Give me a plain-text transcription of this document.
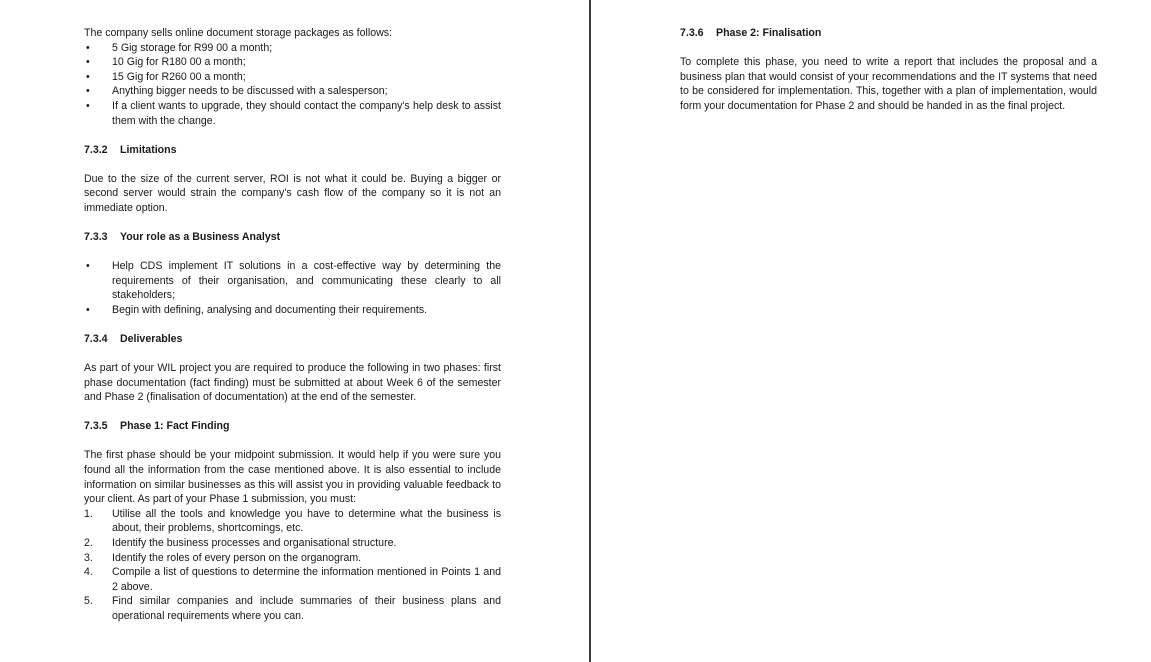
The company sells online document storage packages as follows:

•	5 Gig storage for R99 00 a month;
•	10 Gig for R180 00 a month;
•	15 Gig for R260 00 a month;
•	Anything bigger needs to be discussed with a salesperson;
•	If a client wants to upgrade, they should contact the company's help desk to assist them with the change.
7.3.2	Limitations

Due to the size of the current server, ROI is not what it could be. Buying a bigger or second server would strain the company's cash flow of the company so it is not an immediate option.

7.3.3	Your role as a Business Analyst
•	Help CDS implement IT solutions in a cost-effective way by determining the requirements of their organisation, and communicating these clearly to all stakeholders;
•	Begin with defining, analysing and documenting their requirements.
7.3.4	Deliverables

As part of your WIL project you are required to produce the following in two phases: first phase documentation (fact finding) must be submitted at about Week 6 of the semester and Phase 2 (finalisation of documentation) at the end of the semester.

7.3.5	Phase 1: Fact Finding

The first phase should be your midpoint submission. It would help if you were sure you found all the information from the case mentioned above. It is also essential to include information on similar businesses as this will assist you in providing valuable feedback to your client. As part of your Phase 1 submission, you must:

1.	Utilise all the tools and knowledge you have to determine what the business is about, their problems, shortcomings, etc.
2.	Identify the business processes and organisational structure.
3.	Identify the roles of every person on the organogram.
4.	Compile a list of questions to determine the information mentioned in Points 1 and 2 above.
5.	Find similar companies and include summaries of their business plans and operational requirements where you can.
7.3.6	Phase 2: Finalisation

To complete this phase, you need to write a report that includes the proposal and a business plan that would consist of your recommendations and the IT systems that need to be considered for implementation. This, together with a plan of implementation, would form your documentation for Phase 2 and should be handed in as the final project.
